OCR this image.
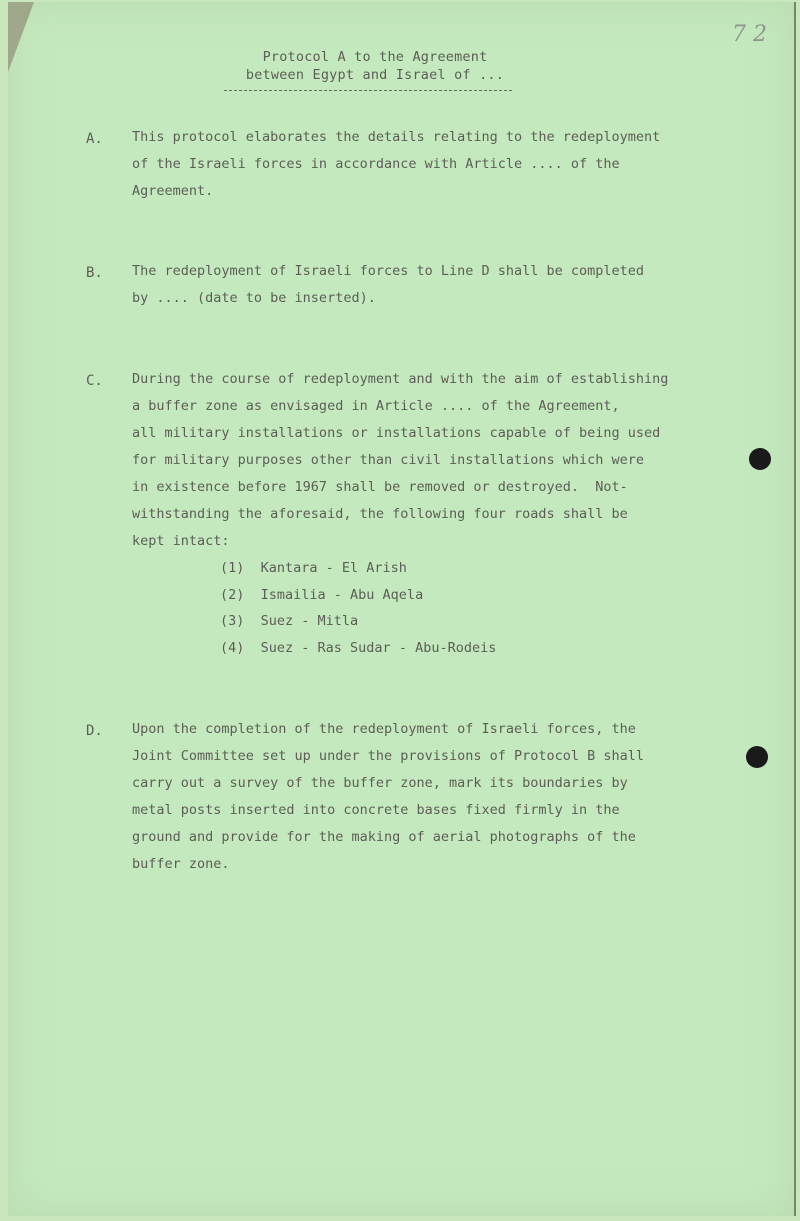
7 2
Protocol A to the Agreement
between Egypt and Israel of ...
A. This protocol elaborates the details relating to the redeployment
of the Israeli forces in accordance with Article .... of the
Agreement.
B. The redeployment of Israeli forces to Line D shall be completed
by .... (date to be inserted).
C. During the course of redeployment and with the aim of establishing
a buffer zone as envisaged in Article .... of the Agreement,
all military installations or installations capable of being used
for military purposes other than civil installations which were
in existence before 1967 shall be removed or destroyed.  Not-
withstanding the aforesaid, the following four roads shall be
kept intact:
(1)  Kantara - El Arish
(2)  Ismailia - Abu Aqela
(3)  Suez - Mitla
(4)  Suez - Ras Sudar - Abu-Rodeis
D. Upon the completion of the redeployment of Israeli forces, the
Joint Committee set up under the provisions of Protocol B shall
carry out a survey of the buffer zone, mark its boundaries by
metal posts inserted into concrete bases fixed firmly in the
ground and provide for the making of aerial photographs of the
buffer zone.
